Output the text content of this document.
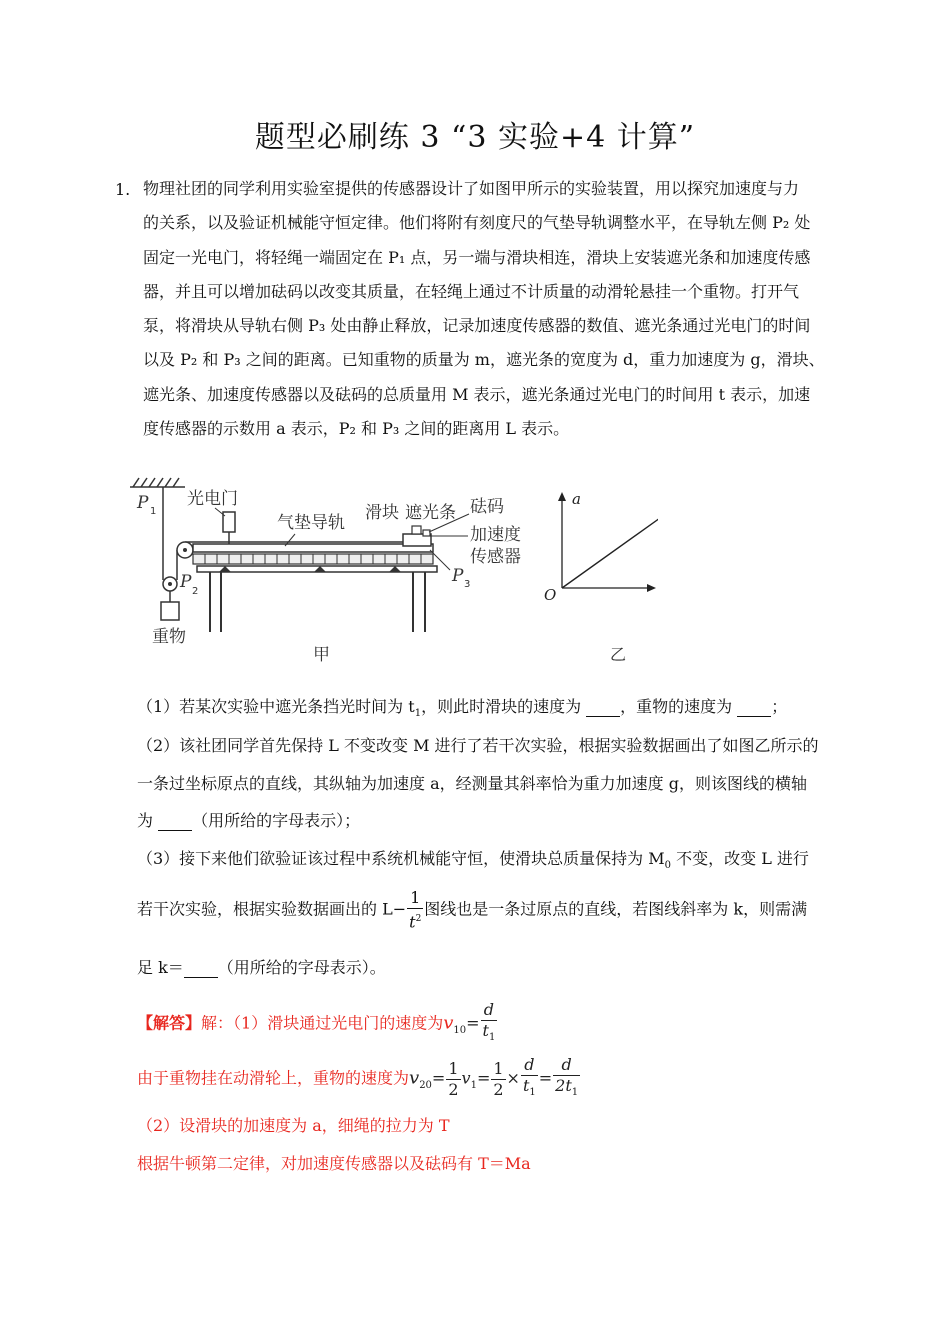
题型必刷练 3 “3 实验+4 计算”
1. 物理社团的同学利用实验室提供的传感器设计了如图甲所示的实验装置，用以探究加速度与力
的关系，以及验证机械能守恒定律。他们将附有刻度尺的气垫导轨调整水平，在导轨左侧 P₂ 处
固定一光电门，将轻绳一端固定在 P₁ 点，另一端与滑块相连，滑块上安装遮光条和加速度传感
器，并且可以增加砝码以改变其质量，在轻绳上通过不计质量的动滑轮悬挂一个重物。打开气
泵，将滑块从导轨右侧 P₃ 处由静止释放，记录加速度传感器的数值、遮光条通过光电门的时间
以及 P₂ 和 P₃ 之间的距离。已知重物的质量为 m，遮光条的宽度为 d，重力加速度为 g，滑块、
遮光条、加速度传感器以及砝码的总质量用 M 表示，遮光条通过光电门的时间用 t 表示，加速
度传感器的示数用 a 表示，P₂ 和 P₃ 之间的距离用 L 表示。
P 1
重物
光电门
气垫导轨 滑块 遮光条 砝码
加速度
传感器
P 2
P 3
甲
a
O
乙
（1）若某次实验中遮光条挡光时间为 $t_1$，则此时滑块的速度为  ，重物的速度为  ；
（2）该社团同学首先保持 L 不变改变 M 进行了若干次实验，根据实验数据画出了如图乙所示的
一条过坐标原点的直线，其纵轴为加速度 a，经测量其斜率恰为重力加速度 g，则该图线的横轴
为  （用所给的字母表示）；
（3）接下来他们欲验证该过程中系统机械能守恒，使滑块总质量保持为 $M_0$ 不变，改变 L 进行
若干次实验，根据实验数据画出的 $L- \frac{1}{t^2}$ 图线也是一条过原点的直线，若图线斜率为 k，则需满
足 k＝ （用所给的字母表示）。
【解答】解：（1）滑块通过光电门的速度为$v_{10}= \frac{d}{t_1}$
由于重物挂在动滑轮上，重物的速度为$v_{20}= \frac{1}{2} v_1= \frac{1}{2} \times \frac{d}{t_1} = \frac{d}{2t_1}$
（2）设滑块的加速度为 a，细绳的拉力为 T
根据牛顿第二定律，对加速度传感器以及砝码有 T＝Ma
